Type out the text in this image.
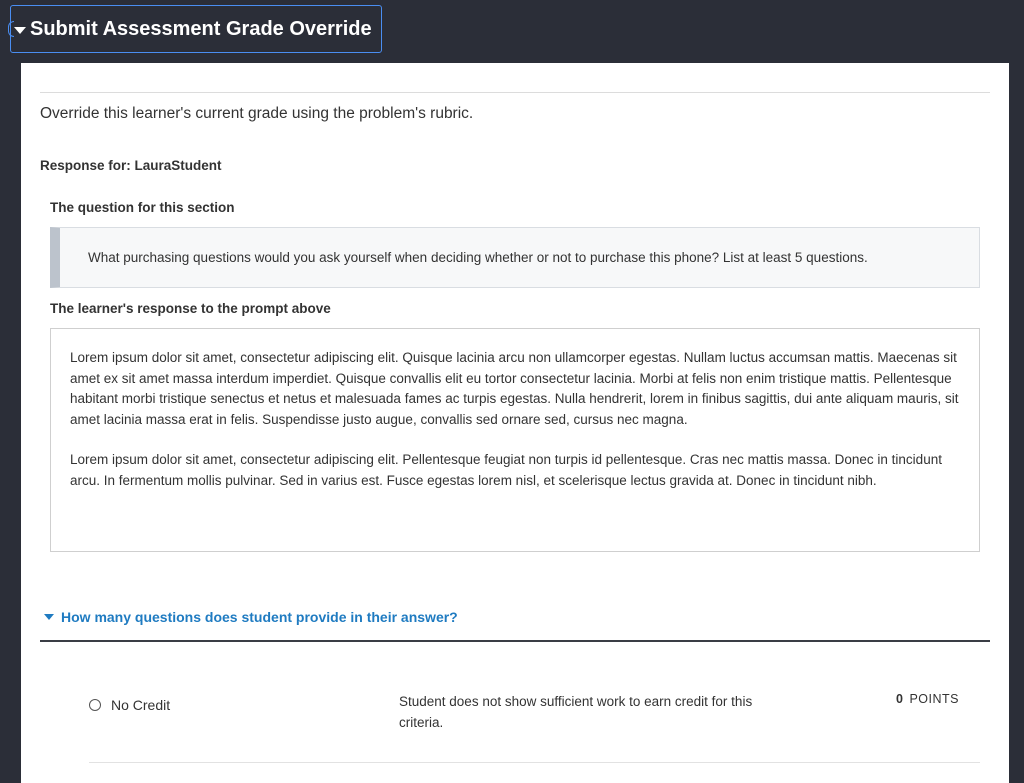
Submit Assessment Grade Override
Override this learner's current grade using the problem's rubric.
Response for: LauraStudent
The question for this section
What purchasing questions would you ask yourself when deciding whether or not to purchase this phone? List at least 5 questions.
The learner's response to the prompt above

Lorem ipsum dolor sit amet, consectetur adipiscing elit. Quisque lacinia arcu non ullamcorper egestas. Nullam luctus accumsan mattis. Maecenas sit amet ex sit amet massa interdum imperdiet. Quisque convallis elit eu tortor consectetur lacinia. Morbi at felis non enim tristique mattis. Pellentesque habitant morbi tristique senectus et netus et malesuada fames ac turpis egestas. Nulla hendrerit, lorem in finibus sagittis, dui ante aliquam mauris, sit amet lacinia massa erat in felis. Suspendisse justo augue, convallis sed ornare sed, cursus nec magna.

Lorem ipsum dolor sit amet, consectetur adipiscing elit. Pellentesque feugiat non turpis id pellentesque. Cras nec mattis massa. Donec in tincidunt arcu. In fermentum mollis pulvinar. Sed in varius est. Fusce egestas lorem nisl, et scelerisque lectus gravida at. Donec in tincidunt nibh.

How many questions does student provide in their answer?
No Credit	Student does not show sufficient work to earn credit for this criteria.
0 POINTS
